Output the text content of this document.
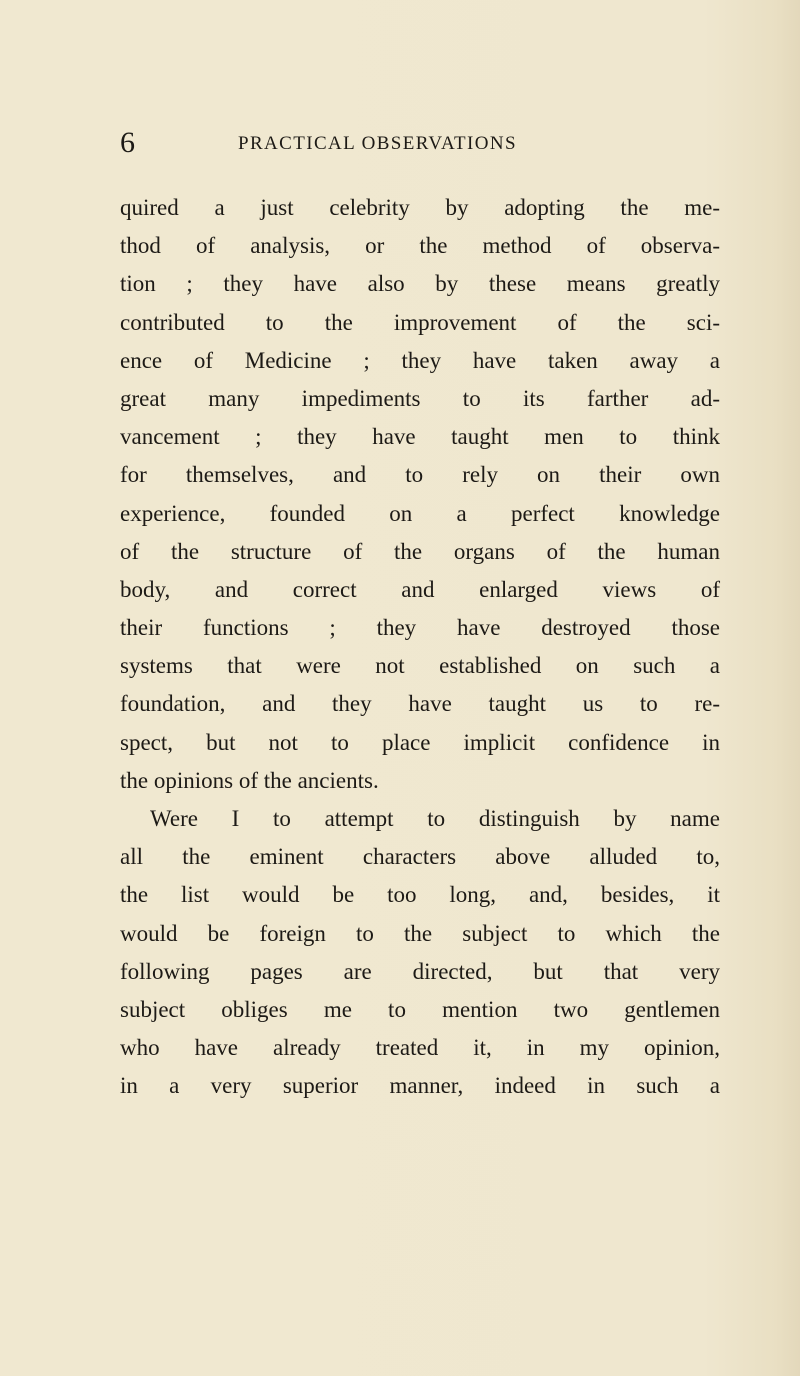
6	PRACTICAL OBSERVATIONS
quired a just celebrity by adopting the me-
thod of analysis, or the method of observa-
tion ; they have also by these means greatly
contributed to the improvement of the sci-
ence of Medicine ; they have taken away a
great many impediments to its farther ad-
vancement ; they have taught men to think
for themselves, and to rely on their own
experience, founded on a perfect knowledge
of the structure of the organs of the human
body, and correct and enlarged views of
their functions ; they have destroyed those
systems that were not established on such a
foundation, and they have taught us to re-
spect, but not to place implicit confidence in
the opinions of the ancients.
Were I to attempt to distinguish by name
all the eminent characters above alluded to,
the list would be too long, and, besides, it
would be foreign to the subject to which the
following pages are directed, but that very
subject obliges me to mention two gentlemen
who have already treated it, in my opinion,
in a very superior manner, indeed in such a
